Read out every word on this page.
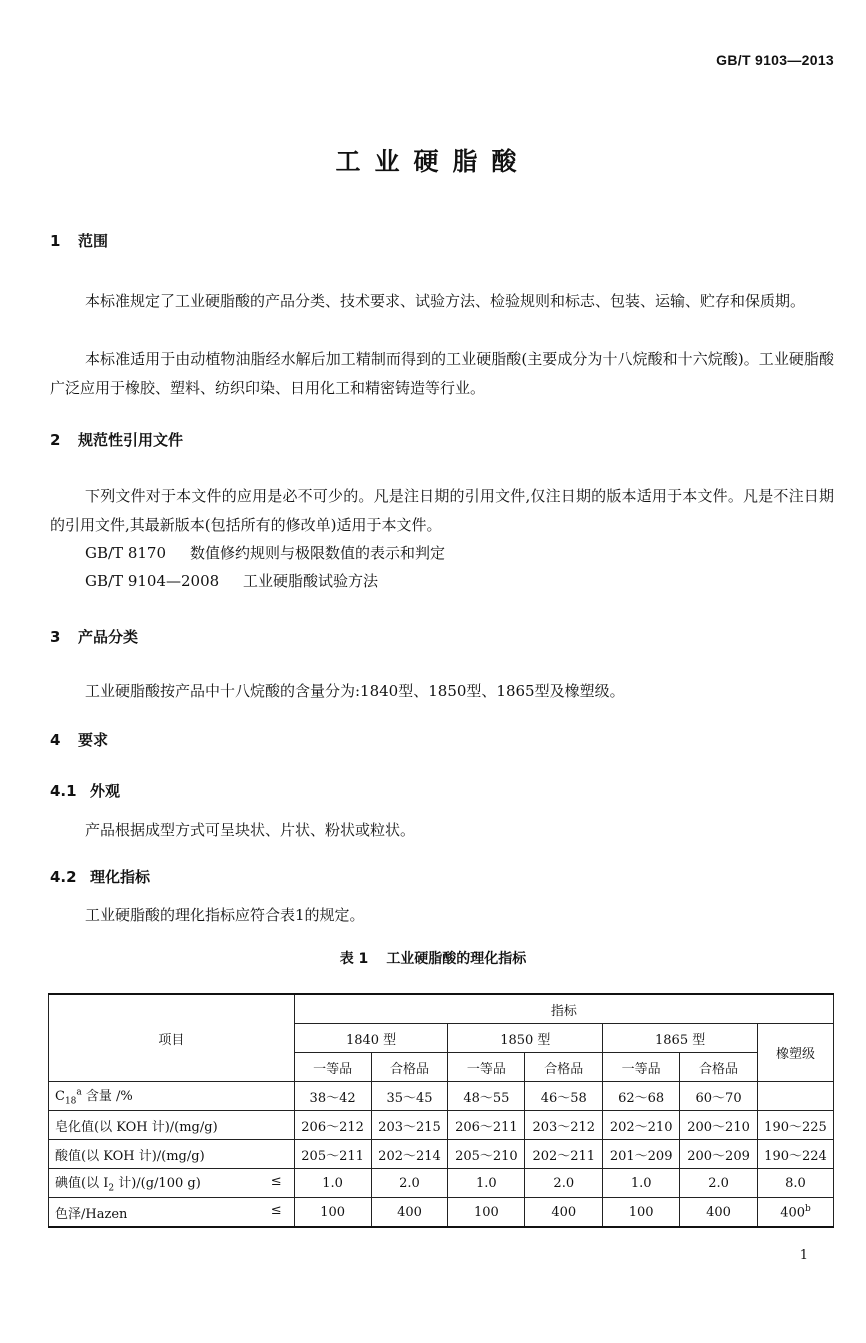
GB/T 9103—2013
工业硬脂酸
1 范围
本标准规定了工业硬脂酸的产品分类、技术要求、试验方法、检验规则和标志、包装、运输、贮存和保质期。
本标准适用于由动植物油脂经水解后加工精制而得到的工业硬脂酸(主要成分为十八烷酸和十六烷酸)。工业硬脂酸广泛应用于橡胶、塑料、纺织印染、日用化工和精密铸造等行业。
2 规范性引用文件
下列文件对于本文件的应用是必不可少的。凡是注日期的引用文件,仅注日期的版本适用于本文件。凡是不注日期的引用文件,其最新版本(包括所有的修改单)适用于本文件。
GB/T 8170 数值修约规则与极限数值的表示和判定
GB/T 9104—2008 工业硬脂酸试验方法
3 产品分类
工业硬脂酸按产品中十八烷酸的含量分为:1840型、1850型、1865型及橡塑级。
4 要求
4.1 外观
产品根据成型方式可呈块状、片状、粉状或粒状。
4.2 理化指标
工业硬脂酸的理化指标应符合表1的规定。
表 1 工业硬脂酸的理化指标
项目	指标						
	1840 型		1850 型		1865 型		橡塑级
	一等品	合格品	一等品	合格品	一等品	合格品	
$C_{18}^a$ 含量 /%	38～42	35～45	48～55	46～58	62～68	60～70	
皂化值(以 KOH 计)/(mg/g)	206～212	203～215	206～211	203～212	202～210	200～210	190～225
酸值(以 KOH 计)/(mg/g)	205～211	202～214	205～210	202～211	201～209	200～209	190～224
碘值(以 $I_2$ 计)/(g/100 g) ≤	1.0	2.0	1.0	2.0	1.0	2.0	8.0
色泽/Hazen ≤	100	400	100	400	100	400	400$^b$
1
